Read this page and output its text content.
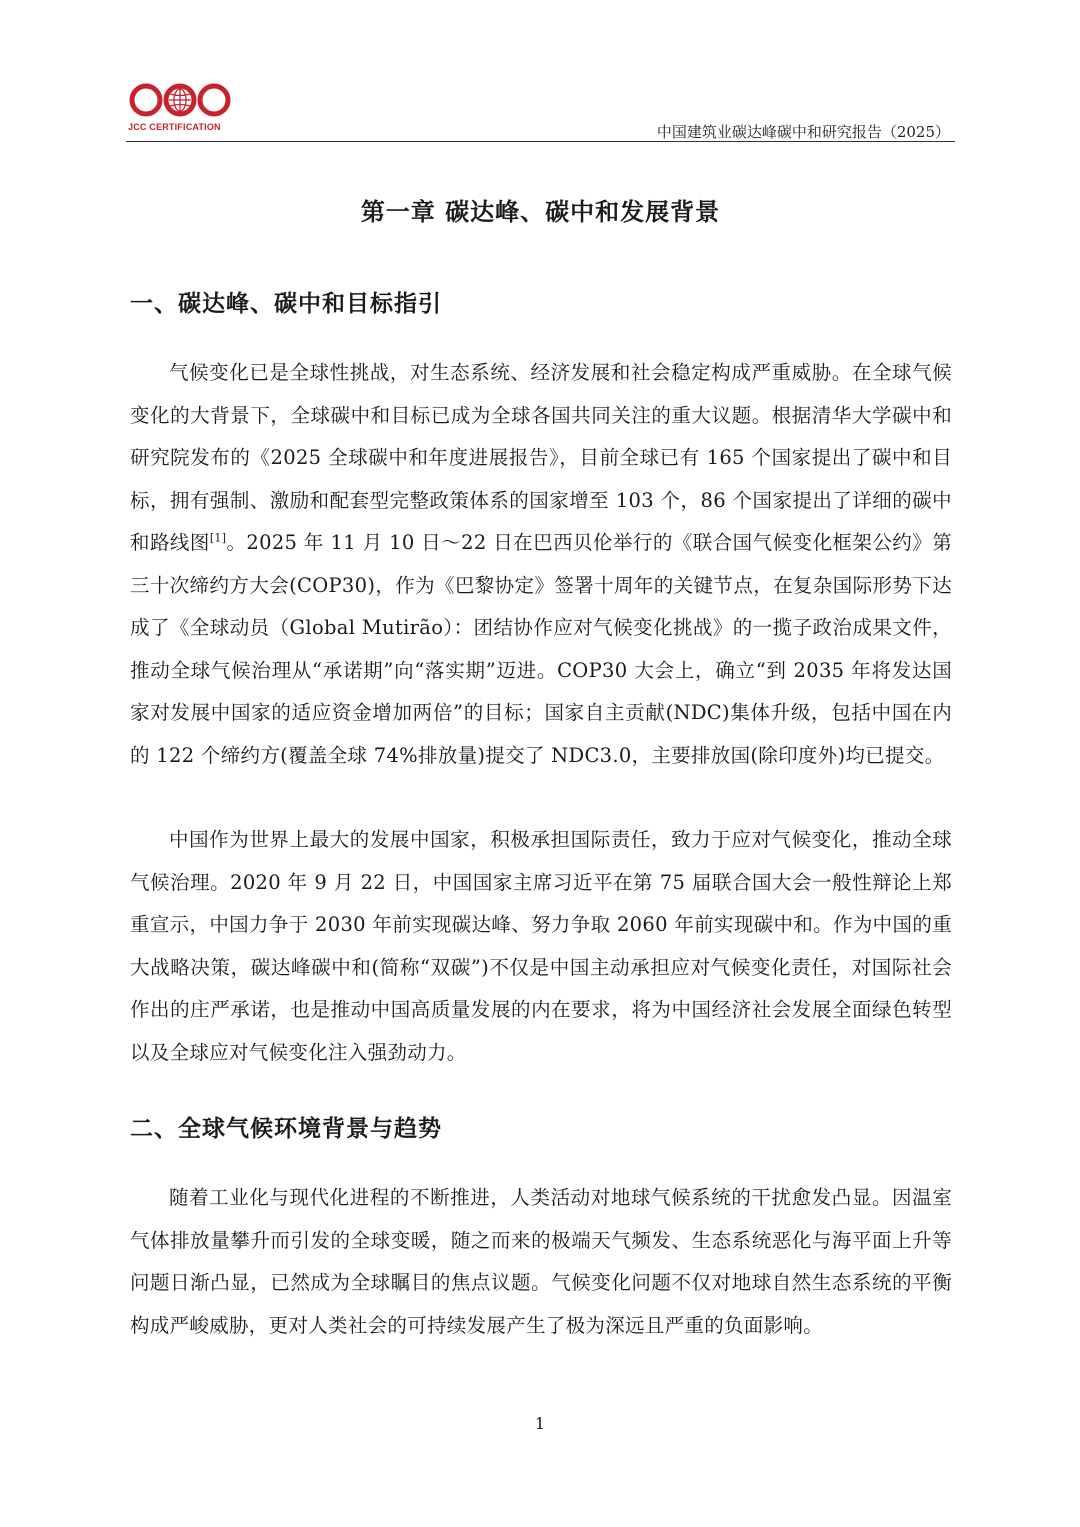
JCC CERTIFICATION	中国建筑业碳达峰碳中和研究报告（2025）
第一章 碳达峰、碳中和发展背景
一、碳达峰、碳中和目标指引

气候变化已是全球性挑战，对生态系统、经济发展和社会稳定构成严重威胁。在全球气候变化的大背景下，全球碳中和目标已成为全球各国共同关注的重大议题。根据清华大学碳中和研究院发布的《2025 全球碳中和年度进展报告》，目前全球已有 165 个国家提出了碳中和目标，拥有强制、激励和配套型完整政策体系的国家增至 103 个，86 个国家提出了详细的碳中和路线图[1]。2025 年 11 月 10 日～22 日在巴西贝伦举行的《联合国气候变化框架公约》第三十次缔约方大会(COP30)，作为《巴黎协定》签署十周年的关键节点，在复杂国际形势下达成了《全球动员（Global Mutirão）：团结协作应对气候变化挑战》的一揽子政治成果文件，推动全球气候治理从“承诺期”向“落实期”迈进。COP30 大会上，确立“到 2035 年将发达国家对发展中国家的适应资金增加两倍”的目标；国家自主贡献(NDC)集体升级，包括中国在内的 122 个缔约方(覆盖全球 74%排放量)提交了 NDC3.0，主要排放国(除印度外)均已提交。

中国作为世界上最大的发展中国家，积极承担国际责任，致力于应对气候变化，推动全球气候治理。2020 年 9 月 22 日，中国国家主席习近平在第 75 届联合国大会一般性辩论上郑重宣示，中国力争于 2030 年前实现碳达峰、努力争取 2060 年前实现碳中和。作为中国的重大战略决策，碳达峰碳中和(简称“双碳”)不仅是中国主动承担应对气候变化责任，对国际社会作出的庄严承诺，也是推动中国高质量发展的内在要求，将为中国经济社会发展全面绿色转型以及全球应对气候变化注入强劲动力。

二、全球气候环境背景与趋势

随着工业化与现代化进程的不断推进，人类活动对地球气候系统的干扰愈发凸显。因温室气体排放量攀升而引发的全球变暖，随之而来的极端天气频发、生态系统恶化与海平面上升等问题日渐凸显，已然成为全球瞩目的焦点议题。气候变化问题不仅对地球自然生态系统的平衡构成严峻威胁，更对人类社会的可持续发展产生了极为深远且严重的负面影响。

1
